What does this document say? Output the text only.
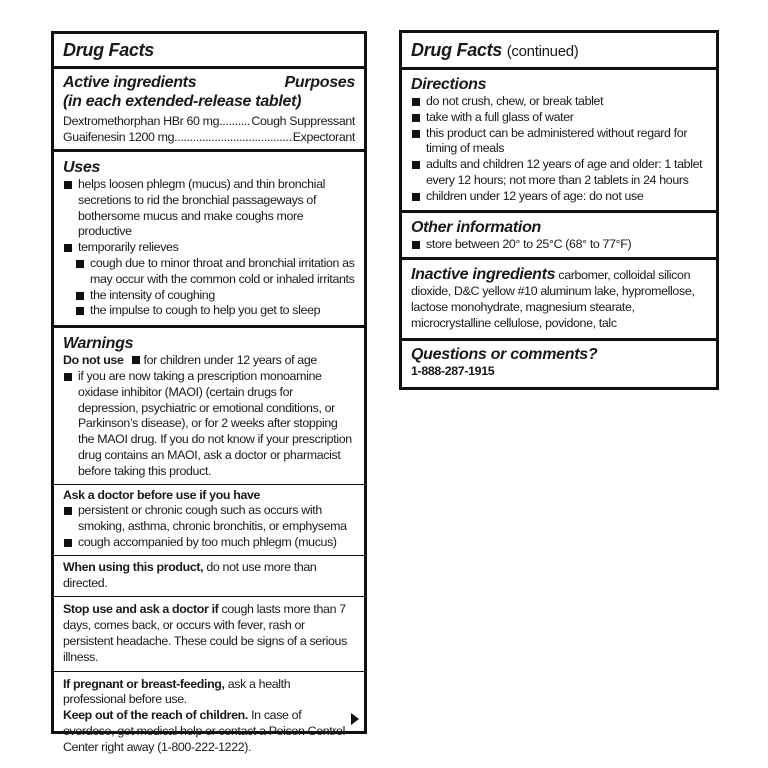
Drug Facts
Active ingredients	Purposes
(in each extended-release tablet)
Dextromethorphan HBr 60 mg .....	Cough Suppressant
Guaifenesin 1200 mg .....	Expectorant
Uses
helps loosen phlegm (mucus) and thin bronchial secretions to rid the bronchial passageways of bothersome mucus and make coughs more productive
temporarily relieves
cough due to minor throat and bronchial irritation as may occur with the common cold or inhaled irritants
the intensity of coughing
the impulse to cough to help you get to sleep
Warnings
Do not use for children under 12 years of age
if you are now taking a prescription monoamine oxidase inhibitor (MAOI) (certain drugs for depression, psychiatric or emotional conditions, or Parkinson’s disease), or for 2 weeks after stopping the MAOI drug. If you do not know if your prescription drug contains an MAOI, ask a doctor or pharmacist before taking this product.
Ask a doctor before use if you have
persistent or chronic cough such as occurs with smoking, asthma, chronic bronchitis, or emphysema
cough accompanied by too much phlegm (mucus)
When using this product, do not use more than directed.
Stop use and ask a doctor if cough lasts more than 7 days, comes back, or occurs with fever, rash or persistent headache. These could be signs of a serious illness.
If pregnant or breast-feeding, ask a health professional before use.
Keep out of the reach of children. In case of overdose, get medical help or contact a Poison Control Center right away (1-800-222-1222).
Drug Facts (continued)
Directions
do not crush, chew, or break tablet
take with a full glass of water
this product can be administered without regard for timing of meals
adults and children 12 years of age and older: 1 tablet every 12 hours; not more than 2 tablets in 24 hours
children under 12 years of age: do not use
Other information
store between 20° to 25°C (68° to 77°F)
Inactive ingredients carbomer, colloidal silicon dioxide, D&C yellow #10 aluminum lake, hypromellose, lactose monohydrate, magnesium stearate, microcrystalline cellulose, povidone, talc
Questions or comments?
1-888-287-1915
